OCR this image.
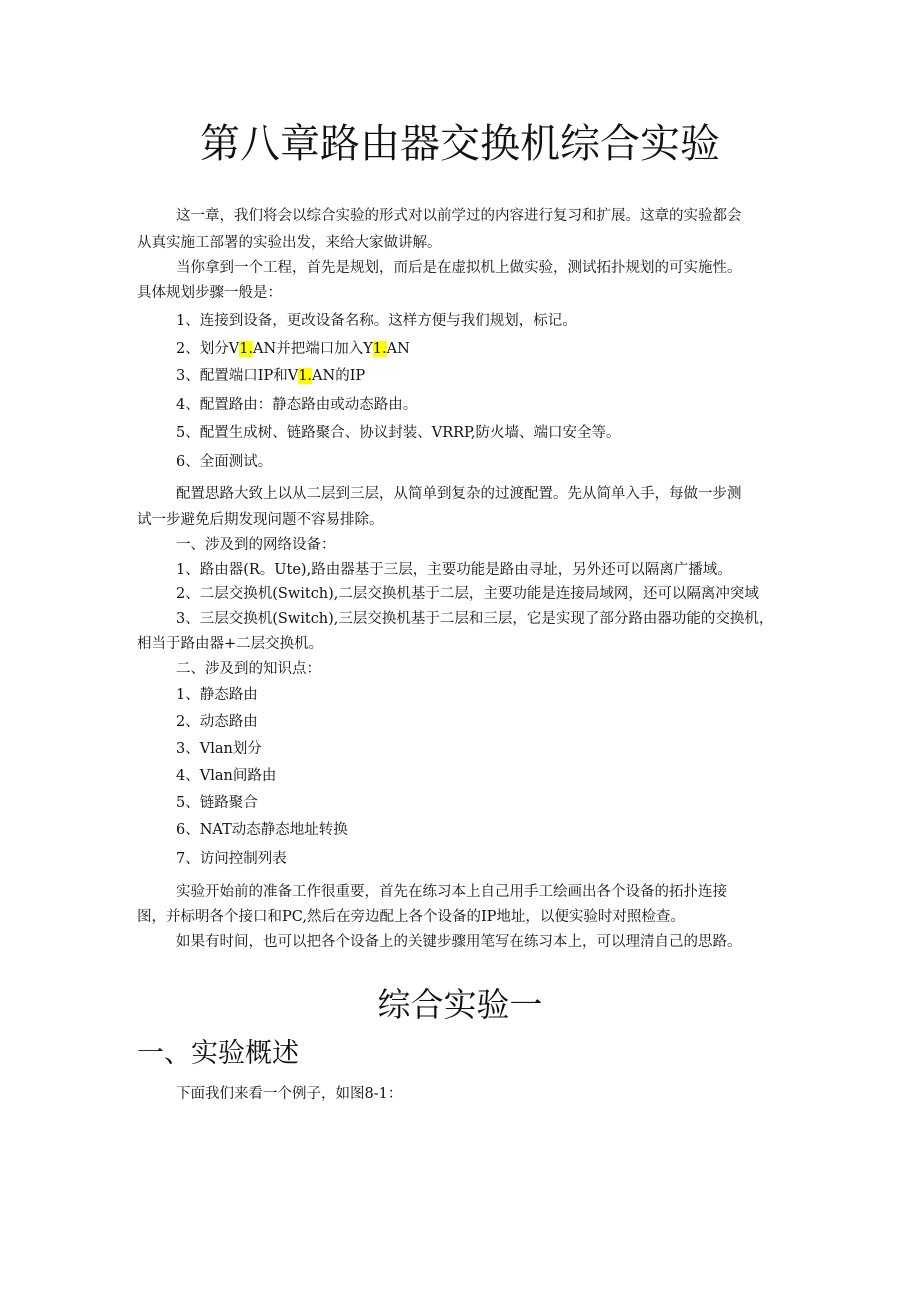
第八章路由器交换机综合实验
这一章，我们将会以综合实验的形式对以前学过的内容进行复习和扩展。这章的实验都会
从真实施工部署的实验出发，来给大家做讲解。
当你拿到一个工程，首先是规划，而后是在虚拟机上做实验，测试拓扑规划的可实施性。
具体规划步骤一般是：
1、连接到设备，更改设备名称。这样方便与我们规划，标记。
2、划分V1.AN并把端口加入Y1.AN
3、配置端口IP和V1.AN的IP
4、配置路由：静态路由或动态路由。
5、配置生成树、链路聚合、协议封装、VRRP,防火墙、端口安全等。
6、全面测试。
配置思路大致上以从二层到三层，从简单到复杂的过渡配置。先从简单入手，每做一步测
试一步避免后期发现问题不容易排除。
一、涉及到的网络设备：
1、路由器(R。Ute),路由器基于三层，主要功能是路由寻址，另外还可以隔离广播域。
2、二层交换机(Switch),二层交换机基于二层，主要功能是连接局域网，还可以隔离冲突域
3、三层交换机(Switch),三层交换机基于二层和三层，它是实现了部分路由器功能的交换机，
相当于路由器+二层交换机。
二、涉及到的知识点：
1、静态路由
2、动态路由
3、Vlan划分
4、Vlan间路由
5、链路聚合
6、NAT动态静态地址转换
7、访问控制列表
实验开始前的准备工作很重要，首先在练习本上自己用手工绘画出各个设备的拓扑连接
图，并标明各个接口和PC,然后在旁边配上各个设备的IP地址，以便实验时对照检查。
如果有时间，也可以把各个设备上的关键步骤用笔写在练习本上，可以理清自己的思路。
综合实验一
一、实验概述
下面我们来看一个例子，如图8-1：
